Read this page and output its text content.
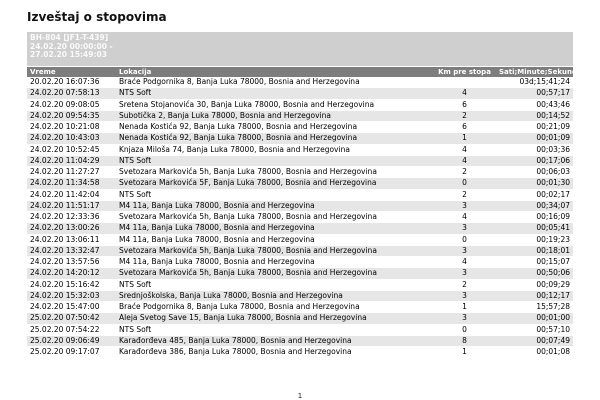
Izveštaj o stopovima
BH-804 [JF1-T-439]
24.02.20 00:00:00 -
27.02.20 15:49:03
Vreme	Lokacija	Km pre stopa	Sati;Minute;Sekunde
20.02.20 16:07:36	Braće Podgornika 8, Banja Luka 78000, Bosnia and Herzegovina		03d;15;41;24
24.02.20 07:58:13	NTS Soft	4	00;57;17
24.02.20 09:08:05	Sretena Stojanovića 30, Banja Luka 78000, Bosnia and Herzegovina	6	00;43;46
24.02.20 09:54:35	Subotička 2, Banja Luka 78000, Bosnia and Herzegovina	2	00;14;52
24.02.20 10:21:08	Nenada Kostića 92, Banja Luka 78000, Bosnia and Herzegovina	6	00;21;09
24.02.20 10:43:03	Nenada Kostića 92, Banja Luka 78000, Bosnia and Herzegovina	1	00;01;09
24.02.20 10:52:45	Knjaza Miloša 74, Banja Luka 78000, Bosnia and Herzegovina	4	00;03;36
24.02.20 11:04:29	NTS Soft	4	00;17;06
24.02.20 11:27:27	Svetozara Markovića 5h, Banja Luka 78000, Bosnia and Herzegovina	2	00;06;03
24.02.20 11:34:58	Svetozara Markovića 5F, Banja Luka 78000, Bosnia and Herzegovina	0	00;01;30
24.02.20 11:42:04	NTS Soft	2	00;02;17
24.02.20 11:51:17	M4 11a, Banja Luka 78000, Bosnia and Herzegovina	3	00;34;07
24.02.20 12:33:36	Svetozara Markovića 5h, Banja Luka 78000, Bosnia and Herzegovina	4	00;16;09
24.02.20 13:00:26	M4 11a, Banja Luka 78000, Bosnia and Herzegovina	3	00;05;41
24.02.20 13:06:11	M4 11a, Banja Luka 78000, Bosnia and Herzegovina	0	00;19;23
24.02.20 13:32:47	Svetozara Markovića 5h, Banja Luka 78000, Bosnia and Herzegovina	3	00;18;01
24.02.20 13:57:56	M4 11a, Banja Luka 78000, Bosnia and Herzegovina	4	00;15;07
24.02.20 14:20:12	Svetozara Markovića 5h, Banja Luka 78000, Bosnia and Herzegovina	3	00;50;06
24.02.20 15:16:42	NTS Soft	2	00;09;29
24.02.20 15:32:03	Srednjoškolska, Banja Luka 78000, Bosnia and Herzegovina	3	00;12;17
24.02.20 15:47:00	Braće Podgornika 8, Banja Luka 78000, Bosnia and Herzegovina	1	15;57;28
25.02.20 07:50:42	Aleja Svetog Save 15, Banja Luka 78000, Bosnia and Herzegovina	3	00;01;00
25.02.20 07:54:22	NTS Soft	0	00;57;10
25.02.20 09:06:49	Karađorđeva 485, Banja Luka 78000, Bosnia and Herzegovina	8	00;07;49
25.02.20 09:17:07	Karađorđeva 386, Banja Luka 78000, Bosnia and Herzegovina	1	00;01;08
1
